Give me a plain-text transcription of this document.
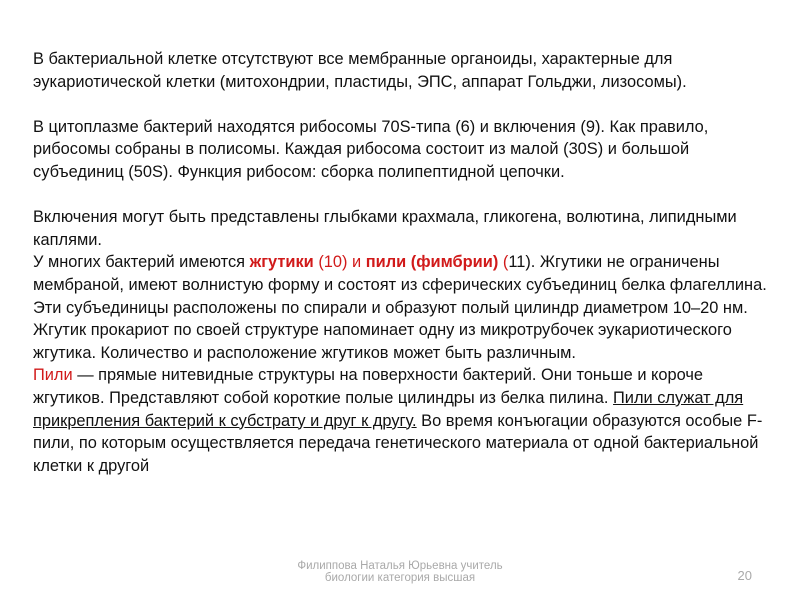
В бактериальной клетке отсутствуют все мембранные органоиды, характерные для эукариотической клетки (митохондрии, пластиды, ЭПС, аппарат Гольджи, лизосомы).

В цитоплазме бактерий находятся рибосомы 70S-типа (6) и включения (9). Как правило, рибосомы собраны в полисомы. Каждая рибосома состоит из малой (30S) и большой субъединиц (50S). Функция рибосом: сборка полипептидной цепочки.

Включения могут быть представлены глыбками крахмала, гликогена, волютина, липидными каплями.

У многих бактерий имеются жгутики (10) и пили (фимбрии) (11). Жгутики не ограничены мембраной, имеют волнистую форму и состоят из сферических субъединиц белка флагеллина. Эти субъединицы расположены по спирали и образуют полый цилиндр диаметром 10–20 нм. Жгутик прокариот по своей структуре напоминает одну из микротрубочек эукариотического жгутика. Количество и расположение жгутиков может быть различным.

Пили — прямые нитевидные структуры на поверхности бактерий. Они тоньше и короче жгутиков. Представляют собой короткие полые цилиндры из белка пилина. Пили служат для прикрепления бактерий к субстрату и друг к другу. Во время конъюгации образуются особые F-пили, по которым осуществляется передача генетического материала от одной бактериальной клетки к другой

Филиппова Наталья Юрьевна учитель
биологии категория высшая	20
